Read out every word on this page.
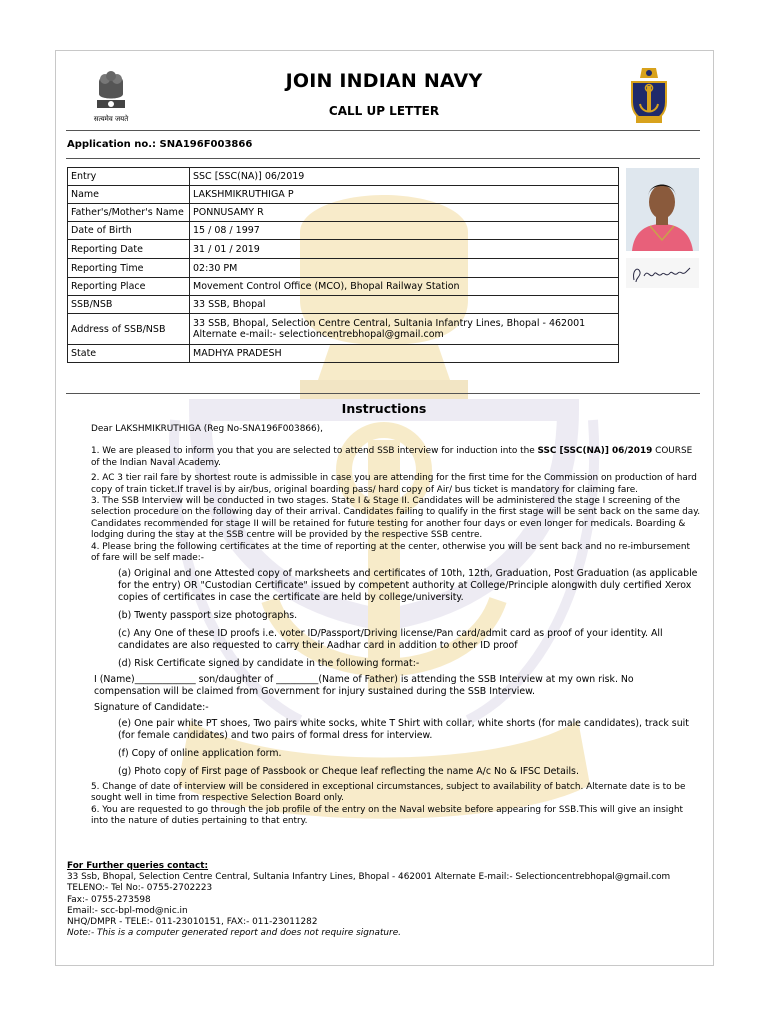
सत्यमेव जयते
JOIN INDIAN NAVY
CALL UP LETTER
Application no.: SNA196F003866
Entry	SSC [SSC(NA)] 06/2019
Name	LAKSHMIKRUTHIGA P
Father's/Mother's Name	PONNUSAMY R
Date of Birth	15 / 08 / 1997
Reporting Date	31 / 01 / 2019
Reporting Time	02:30 PM
Reporting Place	Movement Control Office (MCO), Bhopal Railway Station
SSB/NSB	33 SSB, Bhopal
Address of SSB/NSB	33 SSB, Bhopal, Selection Centre Central, Sultania Infantry Lines, Bhopal - 462001
Alternate e-mail:- selectioncentrebhopal@gmail.com

State	MADHYA PRADESH
Instructions

Dear LAKSHMIKRUTHIGA (Reg No-SNA196F003866),

1. We are pleased to inform you that you are selected to attend SSB interview for induction into the SSC [SSC(NA)] 06/2019 COURSE of the Indian Naval Academy.

2. AC 3 tier rail fare by shortest route is admissible in case you are attending for the first time for the Commission on production of hard copy of train ticket.If travel is by air/bus, original boarding pass/ hard copy of Air/ bus ticket is mandatory for claiming fare.

3. The SSB Interview will be conducted in two stages. State I & Stage II. Candidates will be administered the stage I screening of the selection procedure on the following day of their arrival. Candidates failing to qualify in the first stage will be sent back on the same day. Candidates recommended for stage II will be retained for future testing for another four days or even longer for medicals. Boarding & lodging during the stay at the SSB centre will be provided by the respective SSB centre.

4. Please bring the following certificates at the time of reporting at the center, otherwise you will be sent back and no re-imbursement of fare will be self made:-

(a) Original and one Attested copy of marksheets and certificates of 10th, 12th, Graduation, Post Graduation (as applicable for the entry) OR "Custodian Certificate" issued by competent authority at College/Principle alongwith duly certified Xerox copies of certificates in case the certificate are held by college/university.

(b) Twenty passport size photographs.

(c) Any One of these ID proofs i.e. voter ID/Passport/Driving license/Pan card/admit card as proof of your identity. All candidates are also requested to carry their Aadhar card in addition to other ID proof

(d) Risk Certificate signed by candidate in the following format:-

I (Name)_____________ son/daughter of _________(Name of Father) is attending the SSB Interview at my own risk. No compensation will be claimed from Government for injury sustained during the SSB Interview.

Signature of Candidate:-

(e) One pair white PT shoes, Two pairs white socks, white T Shirt with collar, white shorts (for male candidates), track suit (for female candidates) and two pairs of formal dress for interview.

(f) Copy of online application form.

(g) Photo copy of First page of Passbook or Cheque leaf reflecting the name A/c No & IFSC Details.

5. Change of date of interview will be considered in exceptional circumstances, subject to availability of batch. Alternate date is to be sought well in time from respective Selection Board only.

6. You are requested to go through the job profile of the entry on the Naval website before appearing for SSB.This will give an insight into the nature of duties pertaining to that entry.

For Further queries contact:

33 Ssb, Bhopal, Selection Centre Central, Sultania Infantry Lines, Bhopal - 462001 Alternate E-mail:- Selectioncentrebhopal@gmail.com

TELENO:- Tel No:- 0755-2702223

Fax:- 0755-273598

Email:- scc-bpl-mod@nic.in

NHQ/DMPR - TELE:- 011-23010151, FAX:- 011-23011282

Note:- This is a computer generated report and does not require signature.
